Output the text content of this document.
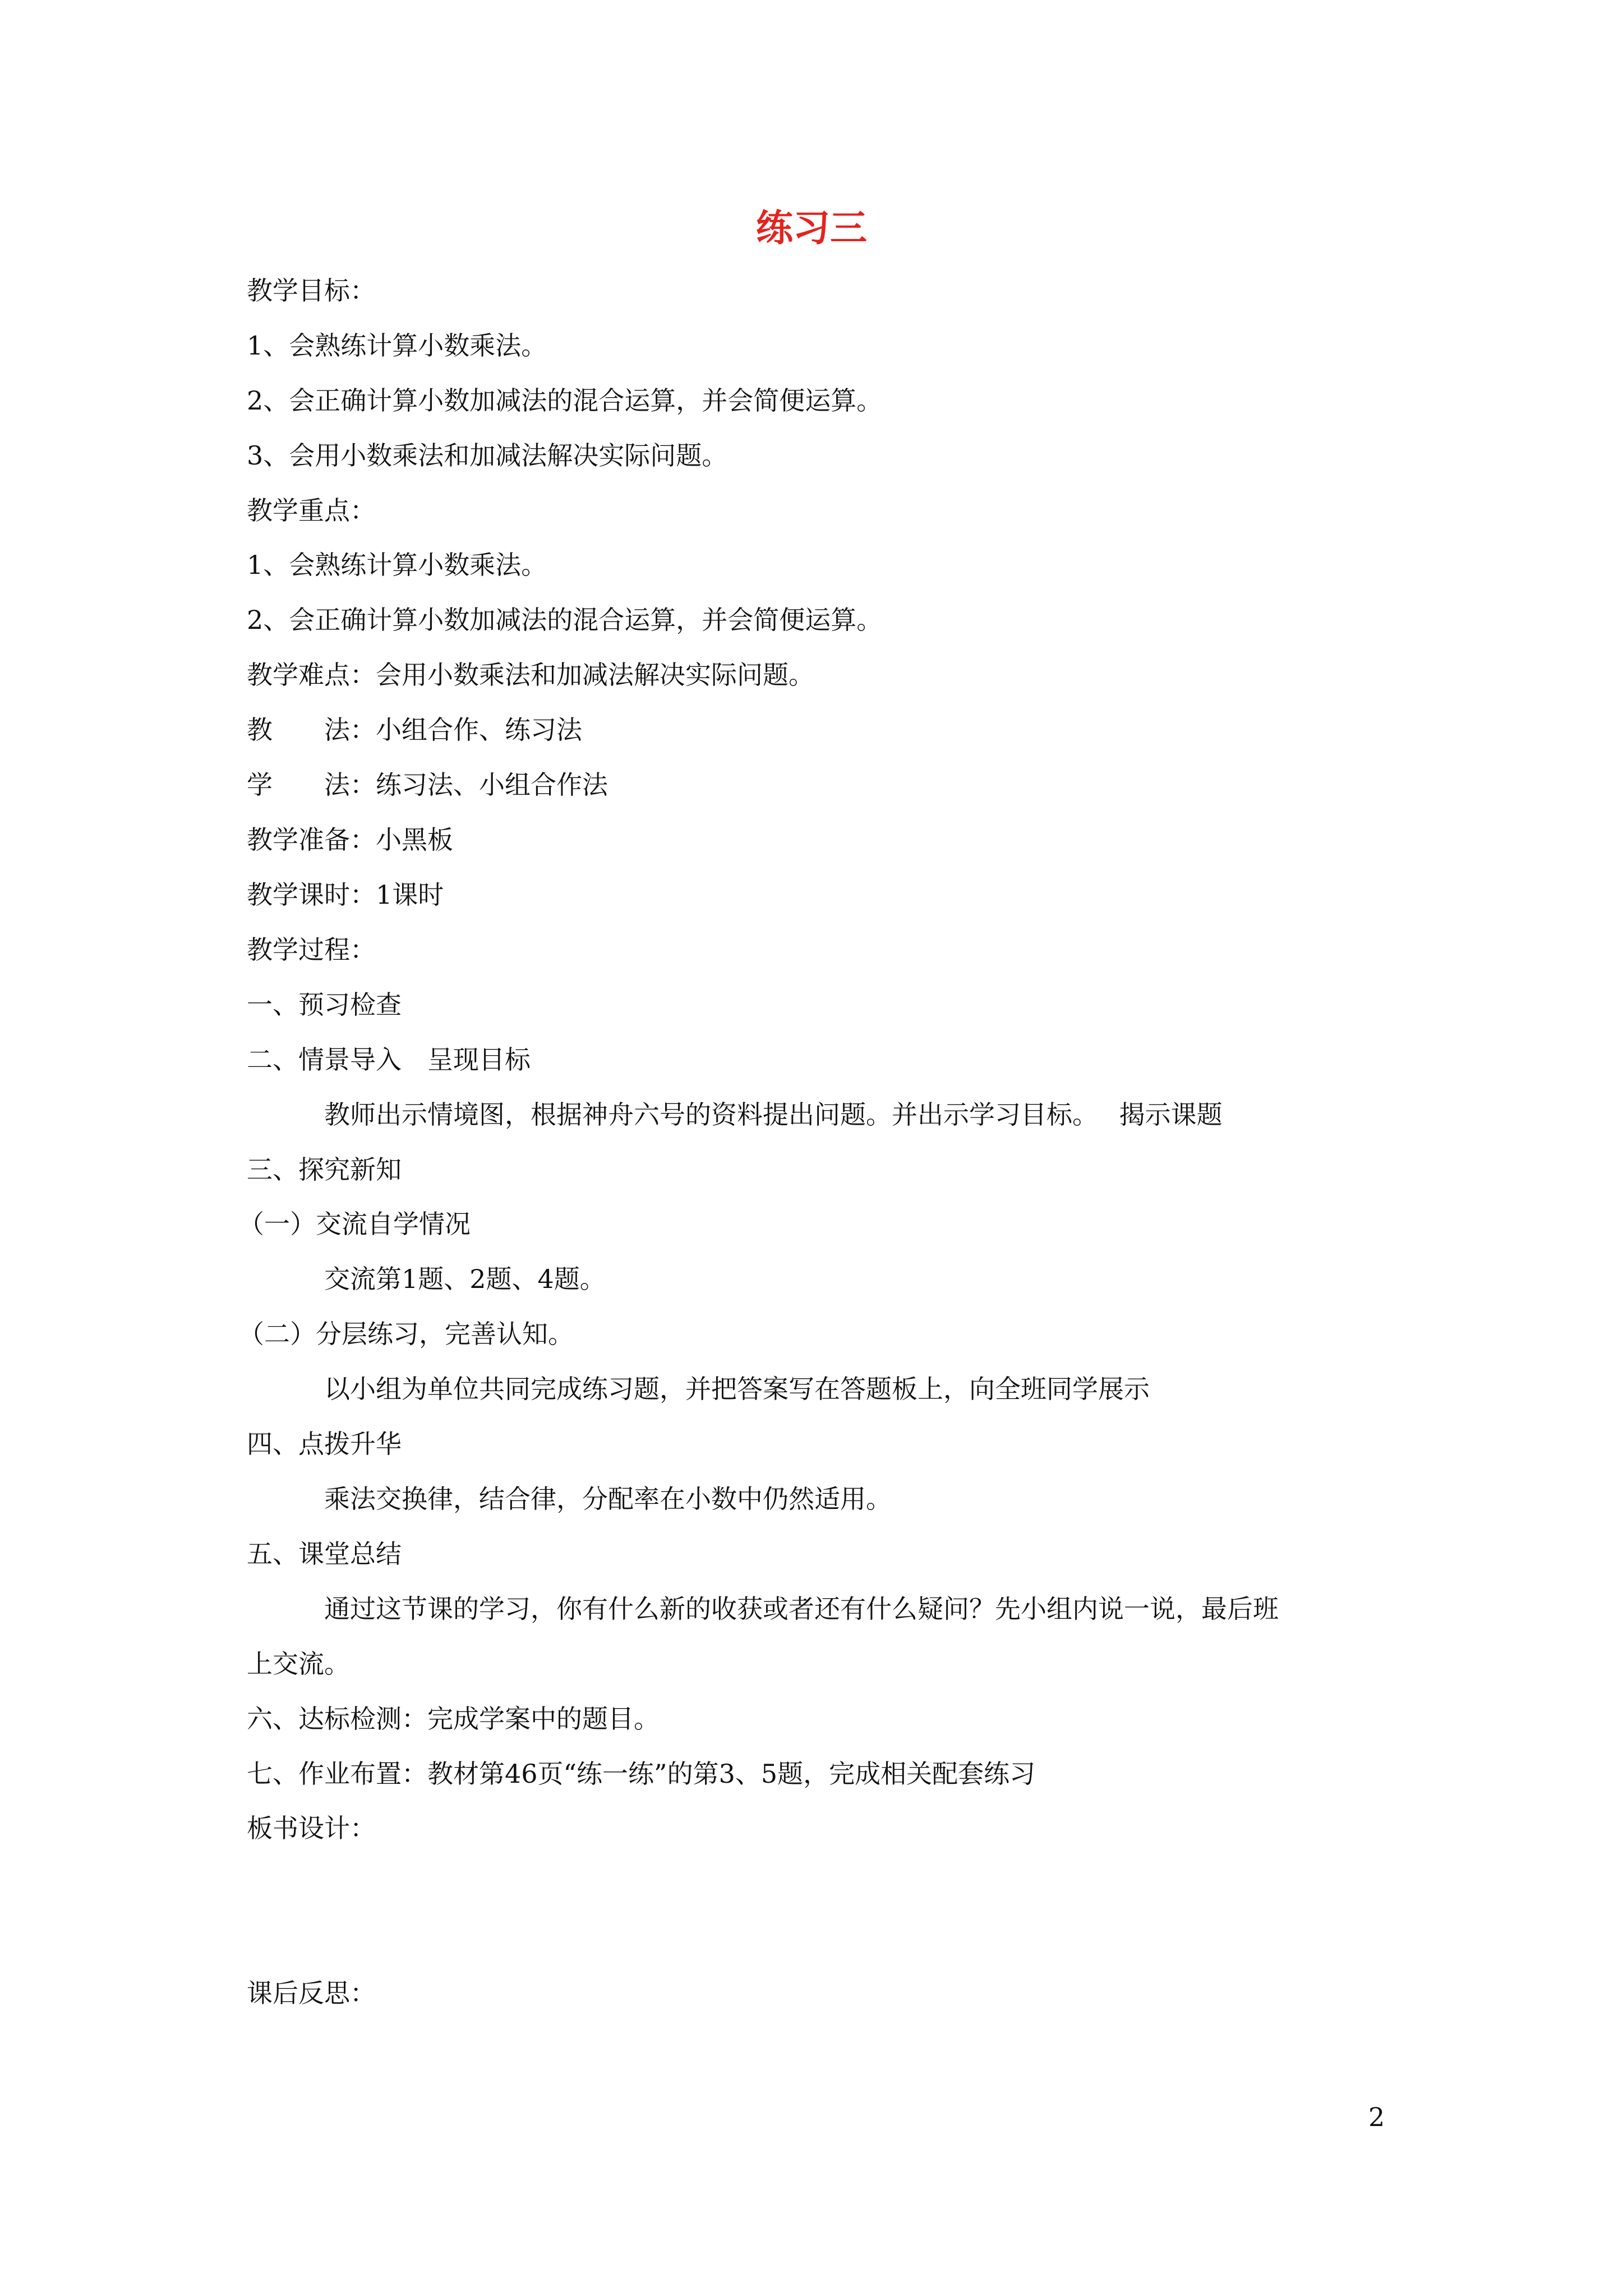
练习三
教学目标：
1、会熟练计算小数乘法。
2、会正确计算小数加减法的混合运算，并会简便运算。
3、会用小数乘法和加减法解决实际问题。
教学重点：
1、会熟练计算小数乘法。
2、会正确计算小数加减法的混合运算，并会简便运算。
教学难点：会用小数乘法和加减法解决实际问题。
教　　法：小组合作、练习法
学　　法：练习法、小组合作法
教学准备：小黑板
教学课时：1课时
教学过程：
一、预习检查
二、情景导入　呈现目标
教师出示情境图，根据神舟六号的资料提出问题。并出示学习目标。　 揭示课题
三、探究新知
（一）交流自学情况
交流第1题、2题、4题。
（二）分层练习，完善认知。
以小组为单位共同完成练习题，并把答案写在答题板上，向全班同学展示
四、点拨升华
乘法交换律，结合律，分配率在小数中仍然适用。
五、课堂总结
通过这节课的学习，你有什么新的收获或者还有什么疑问？先小组内说一说，最后班
上交流。
六、达标检测：完成学案中的题目。
七、作业布置：教材第46页“练一练”的第3、5题，完成相关配套练习
板书设计：
课后反思：
2
